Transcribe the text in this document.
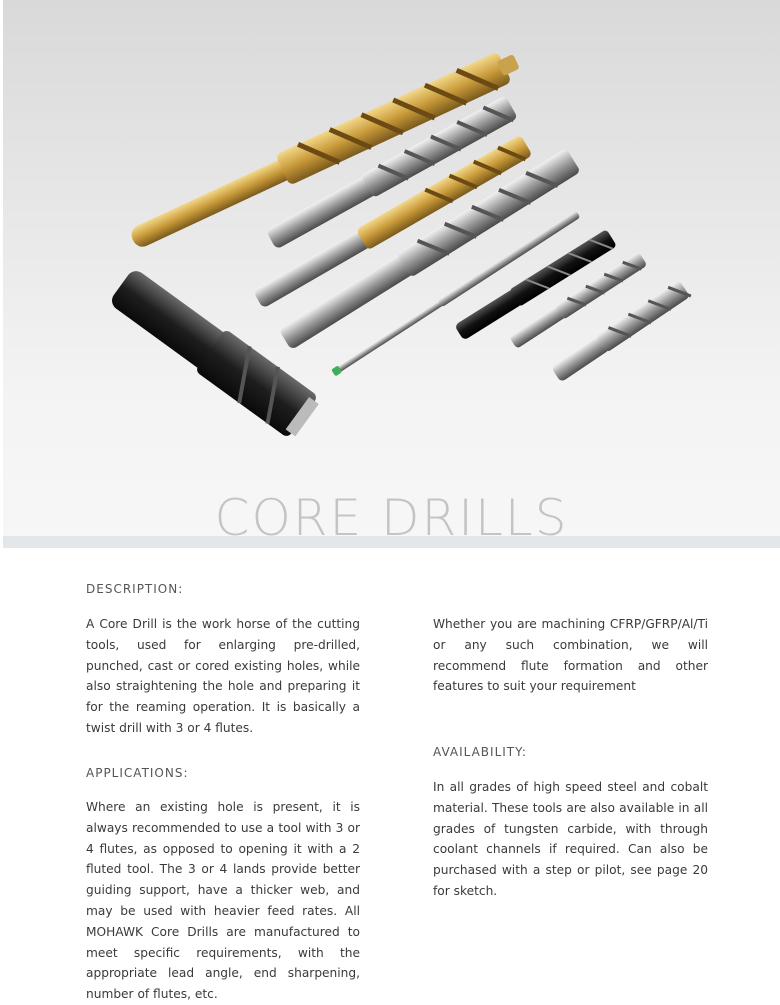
CORE DRILLS
DESCRIPTION:
A Core Drill is the work horse of the cutting tools, used for enlarging pre-drilled, punched, cast or cored existing holes, while also straightening the hole and preparing it for the reaming operation. It is basically a twist drill with 3 or 4 flutes.
Whether you are machining CFRP/GFRP/Al/Ti or any such combination, we will recommend flute formation and other features to suit your requirement
APPLICATIONS:
Where an existing hole is present, it is always recommended to use a tool with 3 or 4 flutes, as opposed to opening it with a 2 fluted tool. The 3 or 4 lands provide better guiding support, have a thicker web, and may be used with heavier feed rates. All MOHAWK Core Drills are manufactured to meet specific requirements, with the appropriate lead angle, end sharpening, number of flutes, etc.
AVAILABILITY:
In all grades of high speed steel and cobalt material. These tools are also available in all grades of tungsten carbide, with through coolant channels if required. Can also be purchased with a step or pilot, see page 20 for sketch.
